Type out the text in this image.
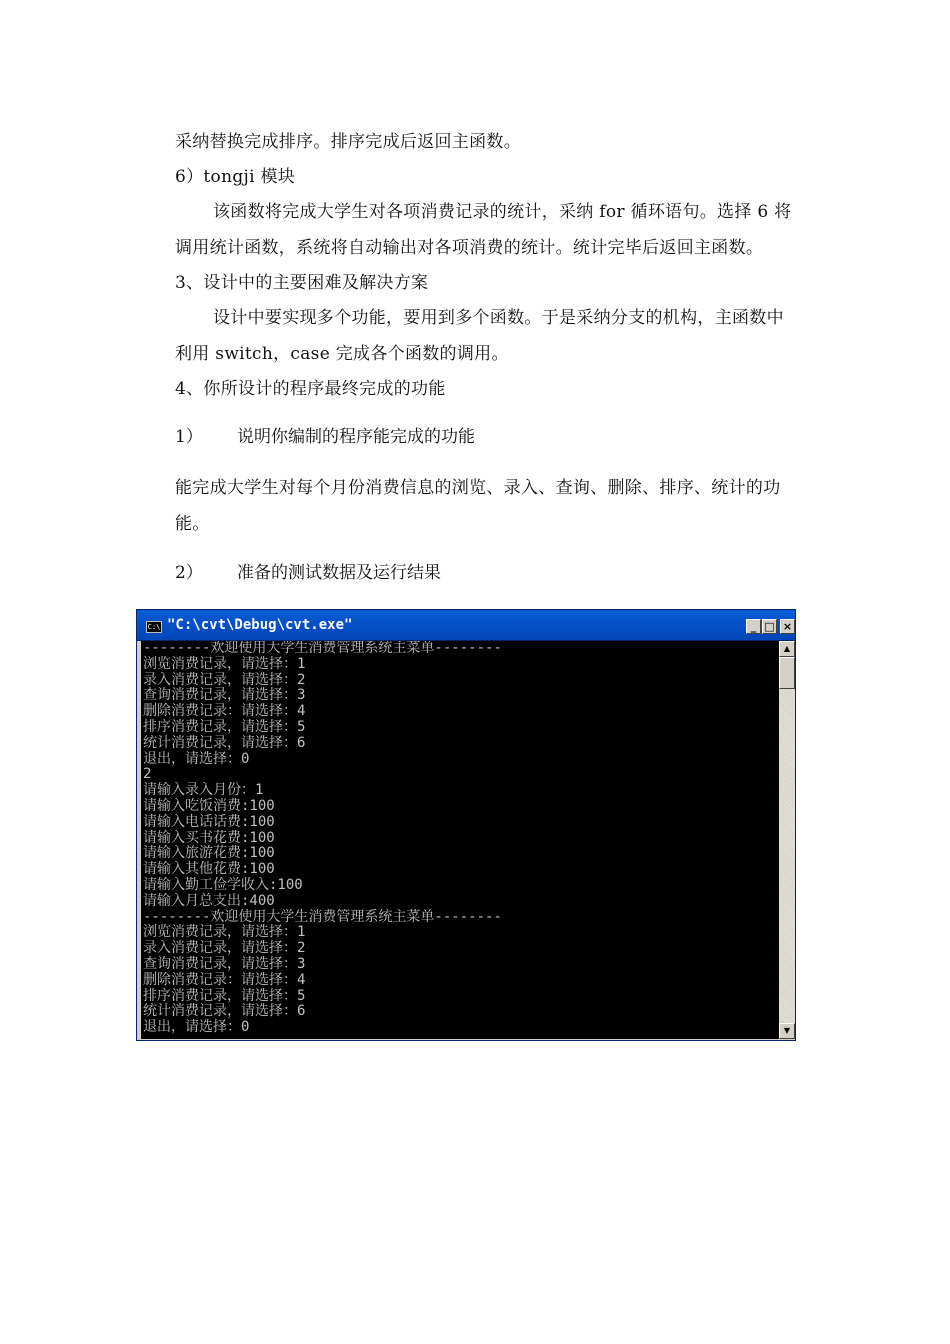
采纳替换完成排序。排序完成后返回主函数。
6）tongji 模块
该函数将完成大学生对各项消费记录的统计，采纳 for 循环语句。选择 6 将
调用统计函数，系统将自动输出对各项消费的统计。统计完毕后返回主函数。
3、设计中的主要困难及解决方案
设计中要实现多个功能，要用到多个函数。于是采纳分支的机构，主函数中
利用 switch，case 完成各个函数的调用。
4、你所设计的程序最终完成的功能
1） 说明你编制的程序能完成的功能
能完成大学生对每个月份消费信息的浏览、录入、查询、删除、排序、统计的功
能。
2） 准备的测试数据及运行结果
C:\ "C:\cvt\Debug\cvt.exe"	_ □ ×
--------欢迎使用大学生消费管理系统主菜单--------
浏览消费记录，请选择：1
录入消费记录，请选择：2
查询消费记录，请选择：3
删除消费记录：请选择：4
排序消费记录，请选择：5
统计消费记录，请选择：6
退出，请选择：0
2
请输入录入月份：1
请输入吃饭消费:100
请输入电话话费:100
请输入买书花费:100
请输入旅游花费:100
请输入其他花费:100
请输入勤工俭学收入:100
请输入月总支出:400
--------欢迎使用大学生消费管理系统主菜单--------
浏览消费记录，请选择：1
录入消费记录，请选择：2
查询消费记录，请选择：3
删除消费记录：请选择：4
排序消费记录，请选择：5
统计消费记录，请选择：6
退出，请选择：0
▲
▼
